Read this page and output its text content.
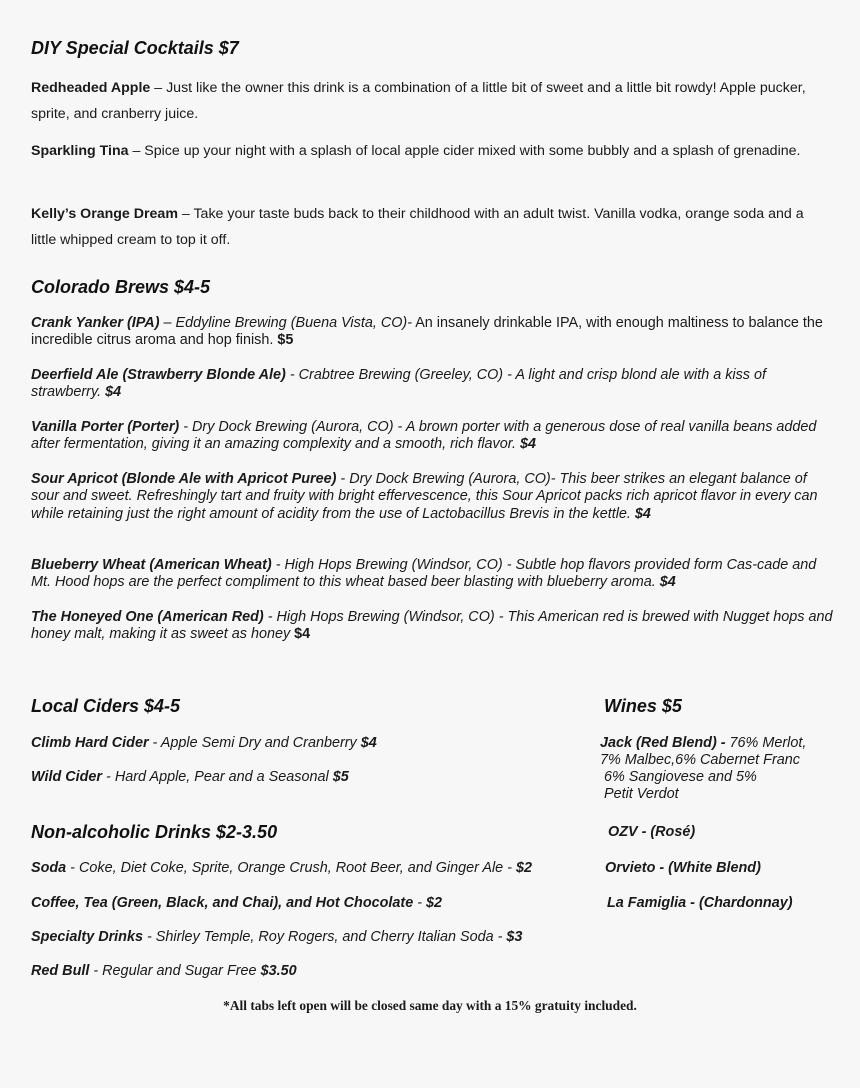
DIY Special Cocktails $7

Redheaded Apple – Just like the owner this drink is a combination of a little bit of sweet and a little bit rowdy! Apple pucker, sprite, and cranberry juice.

Sparkling Tina – Spice up your night with a splash of local apple cider mixed with some bubbly and a splash of grenadine.

Kelly’s Orange Dream – Take your taste buds back to their childhood with an adult twist. Vanilla vodka, orange soda and a little whipped cream to top it off.

Colorado Brews $4-5

Crank Yanker (IPA) – Eddyline Brewing (Buena Vista, CO)- An insanely drinkable IPA, with enough maltiness to balance the incredible citrus aroma and hop finish. $5

Deerfield Ale (Strawberry Blonde Ale) - Crabtree Brewing (Greeley, CO) - A light and crisp blond ale with a kiss of strawberry. $4

Vanilla Porter (Porter) - Dry Dock Brewing (Aurora, CO) - A brown porter with a generous dose of real vanilla beans added after fermentation, giving it an amazing complexity and a smooth, rich flavor. $4

Sour Apricot (Blonde Ale with Apricot Puree) - Dry Dock Brewing (Aurora, CO)- This beer strikes an elegant balance of sour and sweet. Refreshingly tart and fruity with bright effervescence, this Sour Apricot packs rich apricot flavor in every can while retaining just the right amount of acidity from the use of Lactobacillus Brevis in the kettle. $4

Blueberry Wheat (American Wheat) - High Hops Brewing (Windsor, CO) - Subtle hop flavors provided form Cas-cade and Mt. Hood hops are the perfect compliment to this wheat based beer blasting with blueberry aroma. $4

The Honeyed One (American Red) - High Hops Brewing (Windsor, CO) - This American red is brewed with Nugget hops and honey malt, making it as sweet as honey $4

Local Ciders $4-5

Climb Hard Cider - Apple Semi Dry and Cranberry $4

Wild Cider - Hard Apple, Pear and a Seasonal $5

Wines $5

Jack (Red Blend) - 76% Merlot,

7% Malbec,6% Cabernet Franc

6% Sangiovese and 5%

Petit Verdot

OZV - (Rosé)

Orvieto - (White Blend)

La Famiglia - (Chardonnay)

Non-alcoholic Drinks $2-3.50

Soda - Coke, Diet Coke, Sprite, Orange Crush, Root Beer, and Ginger Ale - $2

Coffee, Tea (Green, Black, and Chai), and Hot Chocolate - $2

Specialty Drinks - Shirley Temple, Roy Rogers, and Cherry Italian Soda - $3

Red Bull - Regular and Sugar Free $3.50

*All tabs left open will be closed same day with a 15% gratuity included.
